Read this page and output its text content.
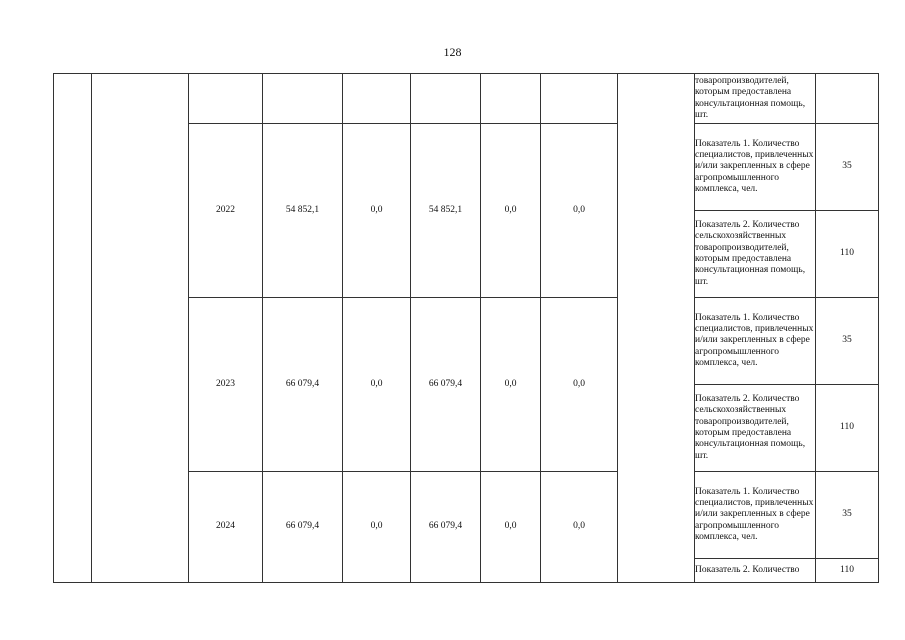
128
									товаропроизводителей, которым предоставлена консультационная помощь, шт.	
		2022	54 852,1	0,0	54 852,1	0,0	0,0		Показатель 1. Количество специалистов, привлеченных и/или закрепленных в сфере агропромышленного комплекса, чел.	35
									Показатель 2. Количество сельскохозяйственных товаропроизводителей, которым предоставлена консультационная помощь, шт.	110
		2023	66 079,4	0,0	66 079,4	0,0	0,0		Показатель 1. Количество специалистов, привлеченных и/или закрепленных в сфере агропромышленного комплекса, чел.	35
									Показатель 2. Количество сельскохозяйственных товаропроизводителей, которым предоставлена консультационная помощь, шт.	110
		2024	66 079,4	0,0	66 079,4	0,0	0,0		Показатель 1. Количество специалистов, привлеченных и/или закрепленных в сфере агропромышленного комплекса, чел.	35
									Показатель 2. Количество	110
